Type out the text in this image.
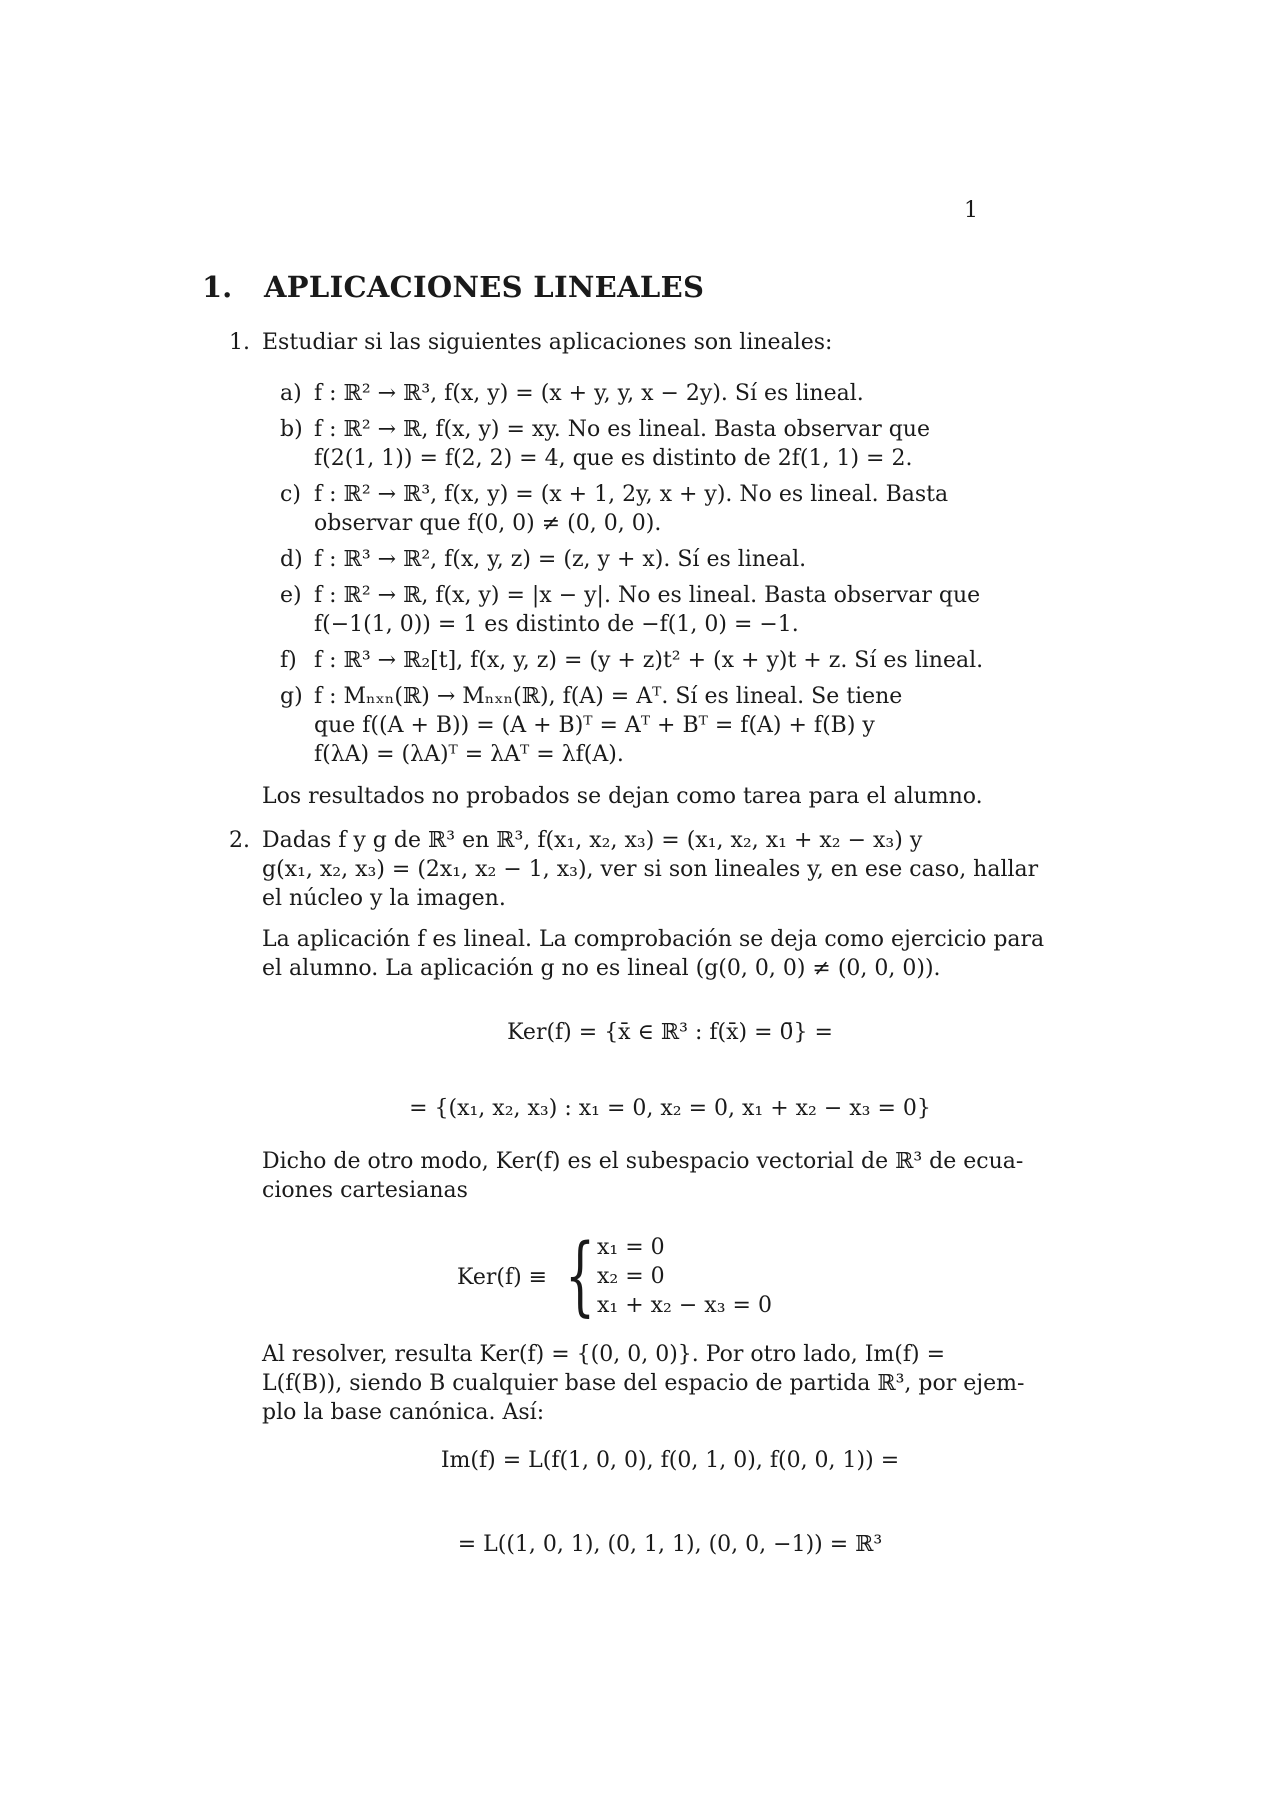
1
1. APLICACIONES LINEALES
1. Estudiar si las siguientes aplicaciones son lineales:
a) f : ℝ² → ℝ³, f(x, y) = (x + y, y, x − 2y). Sí es lineal.
b) f : ℝ² → ℝ, f(x, y) = xy. No es lineal. Basta observar que
f(2(1, 1)) = f(2, 2) = 4, que es distinto de 2f(1, 1) = 2.
c) f : ℝ² → ℝ³, f(x, y) = (x + 1, 2y, x + y). No es lineal. Basta
observar que f(0, 0) ≠ (0, 0, 0).
d) f : ℝ³ → ℝ², f(x, y, z) = (z, y + x). Sí es lineal.
e) f : ℝ² → ℝ, f(x, y) = |x − y|. No es lineal. Basta observar que
f(−1(1, 0)) = 1 es distinto de −f(1, 0) = −1.
f) f : ℝ³ → ℝ₂[t], f(x, y, z) = (y + z)t² + (x + y)t + z. Sí es lineal.
g) f : Mₙₓₙ(ℝ) → Mₙₓₙ(ℝ), f(A) = Aᵀ. Sí es lineal. Se tiene
que f((A + B)) = (A + B)ᵀ = Aᵀ + Bᵀ = f(A) + f(B) y
f(λA) = (λA)ᵀ = λAᵀ = λf(A).
Los resultados no probados se dejan como tarea para el alumno.
2. Dadas f y g de ℝ³ en ℝ³, f(x₁, x₂, x₃) = (x₁, x₂, x₁ + x₂ − x₃) y
g(x₁, x₂, x₃) = (2x₁, x₂ − 1, x₃), ver si son lineales y, en ese caso, hallar
el núcleo y la imagen.
La aplicación f es lineal. La comprobación se deja como ejercicio para
el alumno. La aplicación g no es lineal (g(0, 0, 0) ≠ (0, 0, 0)).
Ker(f) = {x̄ ∈ ℝ³ : f(x̄) = 0̄} =
= {(x₁, x₂, x₃) : x₁ = 0, x₂ = 0, x₁ + x₂ − x₃ = 0}
Dicho de otro modo, Ker(f) es el subespacio vectorial de ℝ³ de ecua-
ciones cartesianas
Ker(f) ≡ { x₁ = 0
x₂ = 0
x₁ + x₂ − x₃ = 0
Al resolver, resulta Ker(f) = {(0, 0, 0)}. Por otro lado, Im(f) =
L(f(B)), siendo B cualquier base del espacio de partida ℝ³, por ejem-
plo la base canónica. Así:
Im(f) = L(f(1, 0, 0), f(0, 1, 0), f(0, 0, 1)) =
= L((1, 0, 1), (0, 1, 1), (0, 0, −1)) = ℝ³
